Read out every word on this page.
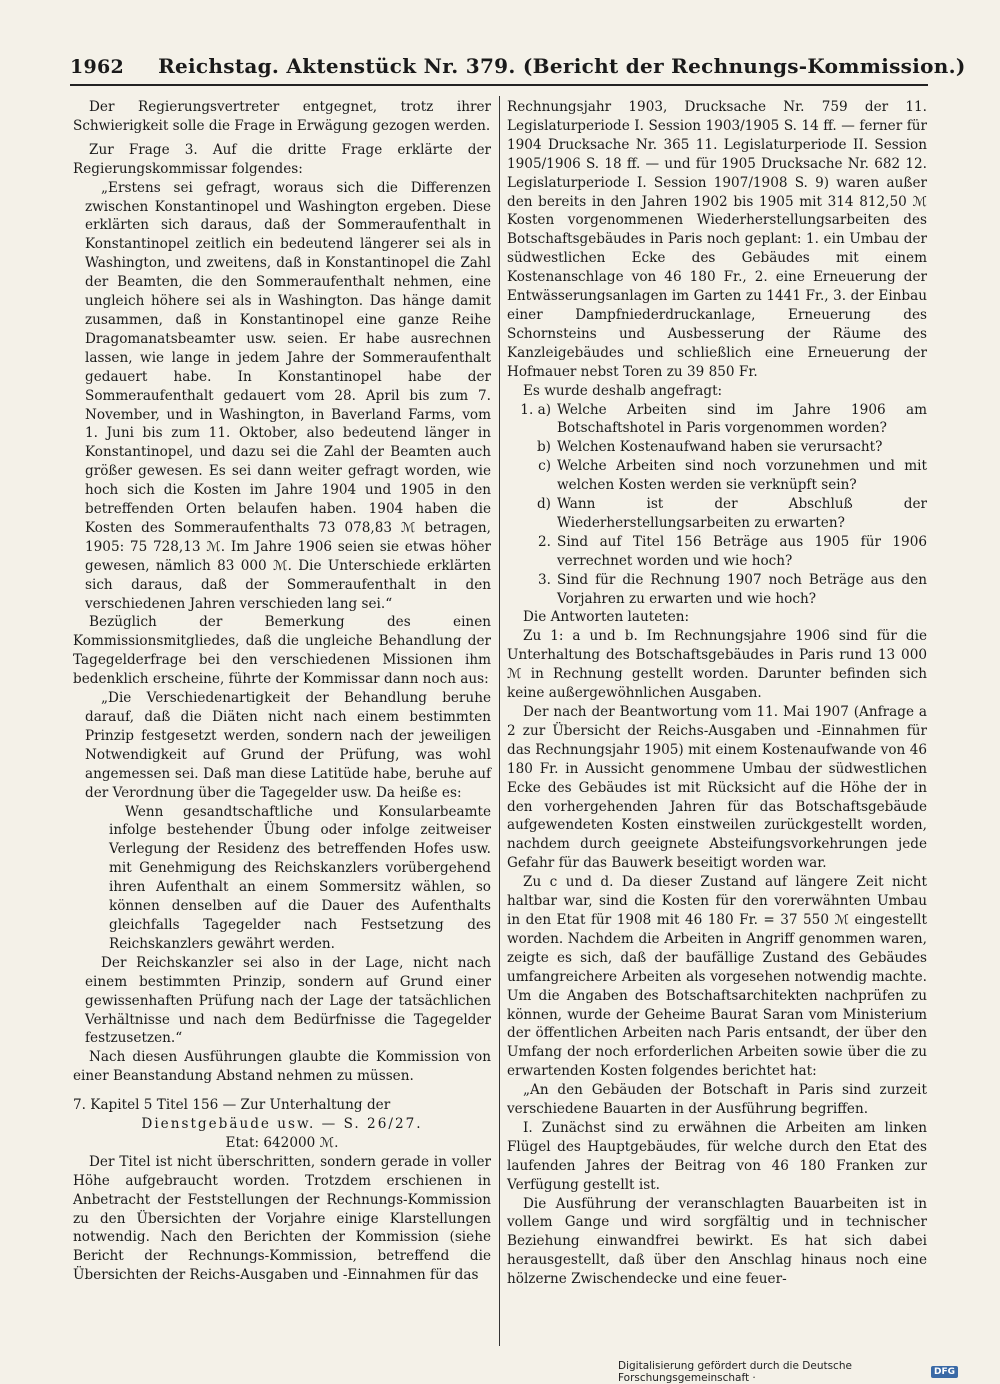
1962 Reichstag. Aktenstück Nr. 379. (Bericht der Rechnungs-Kommission.)

Der Regierungsvertreter entgegnet, trotz ihrer Schwierigkeit solle die Frage in Erwägung gezogen werden.

Zur Frage 3. Auf die dritte Frage erklärte der Regierungskommissar folgendes:

„Erstens sei gefragt, woraus sich die Differenzen zwischen Konstantinopel und Washington ergeben. Diese erklärten sich daraus, daß der Sommeraufenthalt in Konstantinopel zeitlich ein bedeutend längerer sei als in Washington, und zweitens, daß in Konstantinopel die Zahl der Beamten, die den Sommeraufenthalt nehmen, eine ungleich höhere sei als in Washington. Das hänge damit zusammen, daß in Konstantinopel eine ganze Reihe Dragomanatsbeamter usw. seien. Er habe ausrechnen lassen, wie lange in jedem Jahre der Sommeraufenthalt gedauert habe. In Konstantinopel habe der Sommeraufenthalt gedauert vom 28. April bis zum 7. November, und in Washington, in Baverland Farms, vom 1. Juni bis zum 11. Oktober, also bedeutend länger in Konstantinopel, und dazu sei die Zahl der Beamten auch größer gewesen. Es sei dann weiter gefragt worden, wie hoch sich die Kosten im Jahre 1904 und 1905 in den betreffenden Orten belaufen haben. 1904 haben die Kosten des Sommeraufenthalts 73 078,83 ℳ betragen, 1905: 75 728,13 ℳ. Im Jahre 1906 seien sie etwas höher gewesen, nämlich 83 000 ℳ. Die Unterschiede erklärten sich daraus, daß der Sommeraufenthalt in den verschiedenen Jahren verschieden lang sei.“

Bezüglich der Bemerkung des einen Kommissionsmitgliedes, daß die ungleiche Behandlung der Tagegelderfrage bei den verschiedenen Missionen ihm bedenklich erscheine, führte der Kommissar dann noch aus:

„Die Verschiedenartigkeit der Behandlung beruhe darauf, daß die Diäten nicht nach einem bestimmten Prinzip festgesetzt werden, sondern nach der jeweiligen Notwendigkeit auf Grund der Prüfung, was wohl angemessen sei. Daß man diese Latitüde habe, beruhe auf der Verordnung über die Tagegelder usw. Da heiße es:

Wenn gesandtschaftliche und Konsularbeamte infolge bestehender Übung oder infolge zeitweiser Verlegung der Residenz des betreffenden Hofes usw. mit Genehmigung des Reichskanzlers vorübergehend ihren Aufenthalt an einem Sommersitz wählen, so können denselben auf die Dauer des Aufenthalts gleichfalls Tagegelder nach Festsetzung des Reichskanzlers gewährt werden.

Der Reichskanzler sei also in der Lage, nicht nach einem bestimmten Prinzip, sondern auf Grund einer gewissenhaften Prüfung nach der Lage der tatsächlichen Verhältnisse und nach dem Bedürfnisse die Tagegelder festzusetzen.“

Nach diesen Ausführungen glaubte die Kommission von einer Beanstandung Abstand nehmen zu müssen.

7. Kapitel 5 Titel 156 — Zur Unterhaltung der

Dienstgebäude usw. — S. 26/27.

Etat: 642000 ℳ.

Der Titel ist nicht überschritten, sondern gerade in voller Höhe aufgebraucht worden. Trotzdem erschienen in Anbetracht der Feststellungen der Rechnungs-Kommission zu den Übersichten der Vorjahre einige Klarstellungen notwendig. Nach den Berichten der Kommission (siehe Bericht der Rechnungs-Kommission, betreffend die Übersichten der Reichs-Ausgaben und -Einnahmen für das

Rechnungsjahr 1903, Drucksache Nr. 759 der 11. Legislaturperiode I. Session 1903/1905 S. 14 ff. — ferner für 1904 Drucksache Nr. 365 11. Legislaturperiode II. Session 1905/1906 S. 18 ff. — und für 1905 Drucksache Nr. 682 12. Legislaturperiode I. Session 1907/1908 S. 9) waren außer den bereits in den Jahren 1902 bis 1905 mit 314 812,50 ℳ Kosten vorgenommenen Wiederherstellungsarbeiten des Botschaftsgebäudes in Paris noch geplant: 1. ein Umbau der südwestlichen Ecke des Gebäudes mit einem Kostenanschlage von 46 180 Fr., 2. eine Erneuerung der Entwässerungsanlagen im Garten zu 1441 Fr., 3. der Einbau einer Dampfniederdruckanlage, Erneuerung des Schornsteins und Ausbesserung der Räume des Kanzleigebäudes und schließlich eine Erneuerung der Hofmauer nebst Toren zu 39 850 Fr.

Es wurde deshalb angefragt:

1. a) Welche Arbeiten sind im Jahre 1906 am Botschaftshotel in Paris vorgenommen worden?
b) Welchen Kostenaufwand haben sie verursacht?
c) Welche Arbeiten sind noch vorzunehmen und mit welchen Kosten werden sie verknüpft sein?
d) Wann ist der Abschluß der Wiederherstellungsarbeiten zu erwarten?
2. Sind auf Titel 156 Beträge aus 1905 für 1906 verrechnet worden und wie hoch?
3. Sind für die Rechnung 1907 noch Beträge aus den Vorjahren zu erwarten und wie hoch?

Die Antworten lauteten:

Zu 1: a und b. Im Rechnungsjahre 1906 sind für die Unterhaltung des Botschaftsgebäudes in Paris rund 13 000 ℳ in Rechnung gestellt worden. Darunter befinden sich keine außergewöhnlichen Ausgaben.

Der nach der Beantwortung vom 11. Mai 1907 (Anfrage a 2 zur Übersicht der Reichs-Ausgaben und -Einnahmen für das Rechnungsjahr 1905) mit einem Kostenaufwande von 46 180 Fr. in Aussicht genommene Umbau der südwestlichen Ecke des Gebäudes ist mit Rücksicht auf die Höhe der in den vorhergehenden Jahren für das Botschaftsgebäude aufgewendeten Kosten einstweilen zurückgestellt worden, nachdem durch geeignete Absteifungsvorkehrungen jede Gefahr für das Bauwerk beseitigt worden war.

Zu c und d. Da dieser Zustand auf längere Zeit nicht haltbar war, sind die Kosten für den vorerwähnten Umbau in den Etat für 1908 mit 46 180 Fr. = 37 550 ℳ eingestellt worden. Nachdem die Arbeiten in Angriff genommen waren, zeigte es sich, daß der baufällige Zustand des Gebäudes umfangreichere Arbeiten als vorgesehen notwendig machte. Um die Angaben des Botschaftsarchitekten nachprüfen zu können, wurde der Geheime Baurat Saran vom Ministerium der öffentlichen Arbeiten nach Paris entsandt, der über den Umfang der noch erforderlichen Arbeiten sowie über die zu erwartenden Kosten folgendes berichtet hat:

„An den Gebäuden der Botschaft in Paris sind zurzeit verschiedene Bauarten in der Ausführung begriffen.

I. Zunächst sind zu erwähnen die Arbeiten am linken Flügel des Hauptgebäudes, für welche durch den Etat des laufenden Jahres der Beitrag von 46 180 Franken zur Verfügung gestellt ist.

Die Ausführung der veranschlagten Bauarbeiten ist in vollem Gange und wird sorgfältig und in technischer Beziehung einwandfrei bewirkt. Es hat sich dabei herausgestellt, daß über den Anschlag hinaus noch eine hölzerne Zwischendecke und eine feuer-

Digitalisierung gefördert durch die Deutsche Forschungsgemeinschaft ·	DFG
